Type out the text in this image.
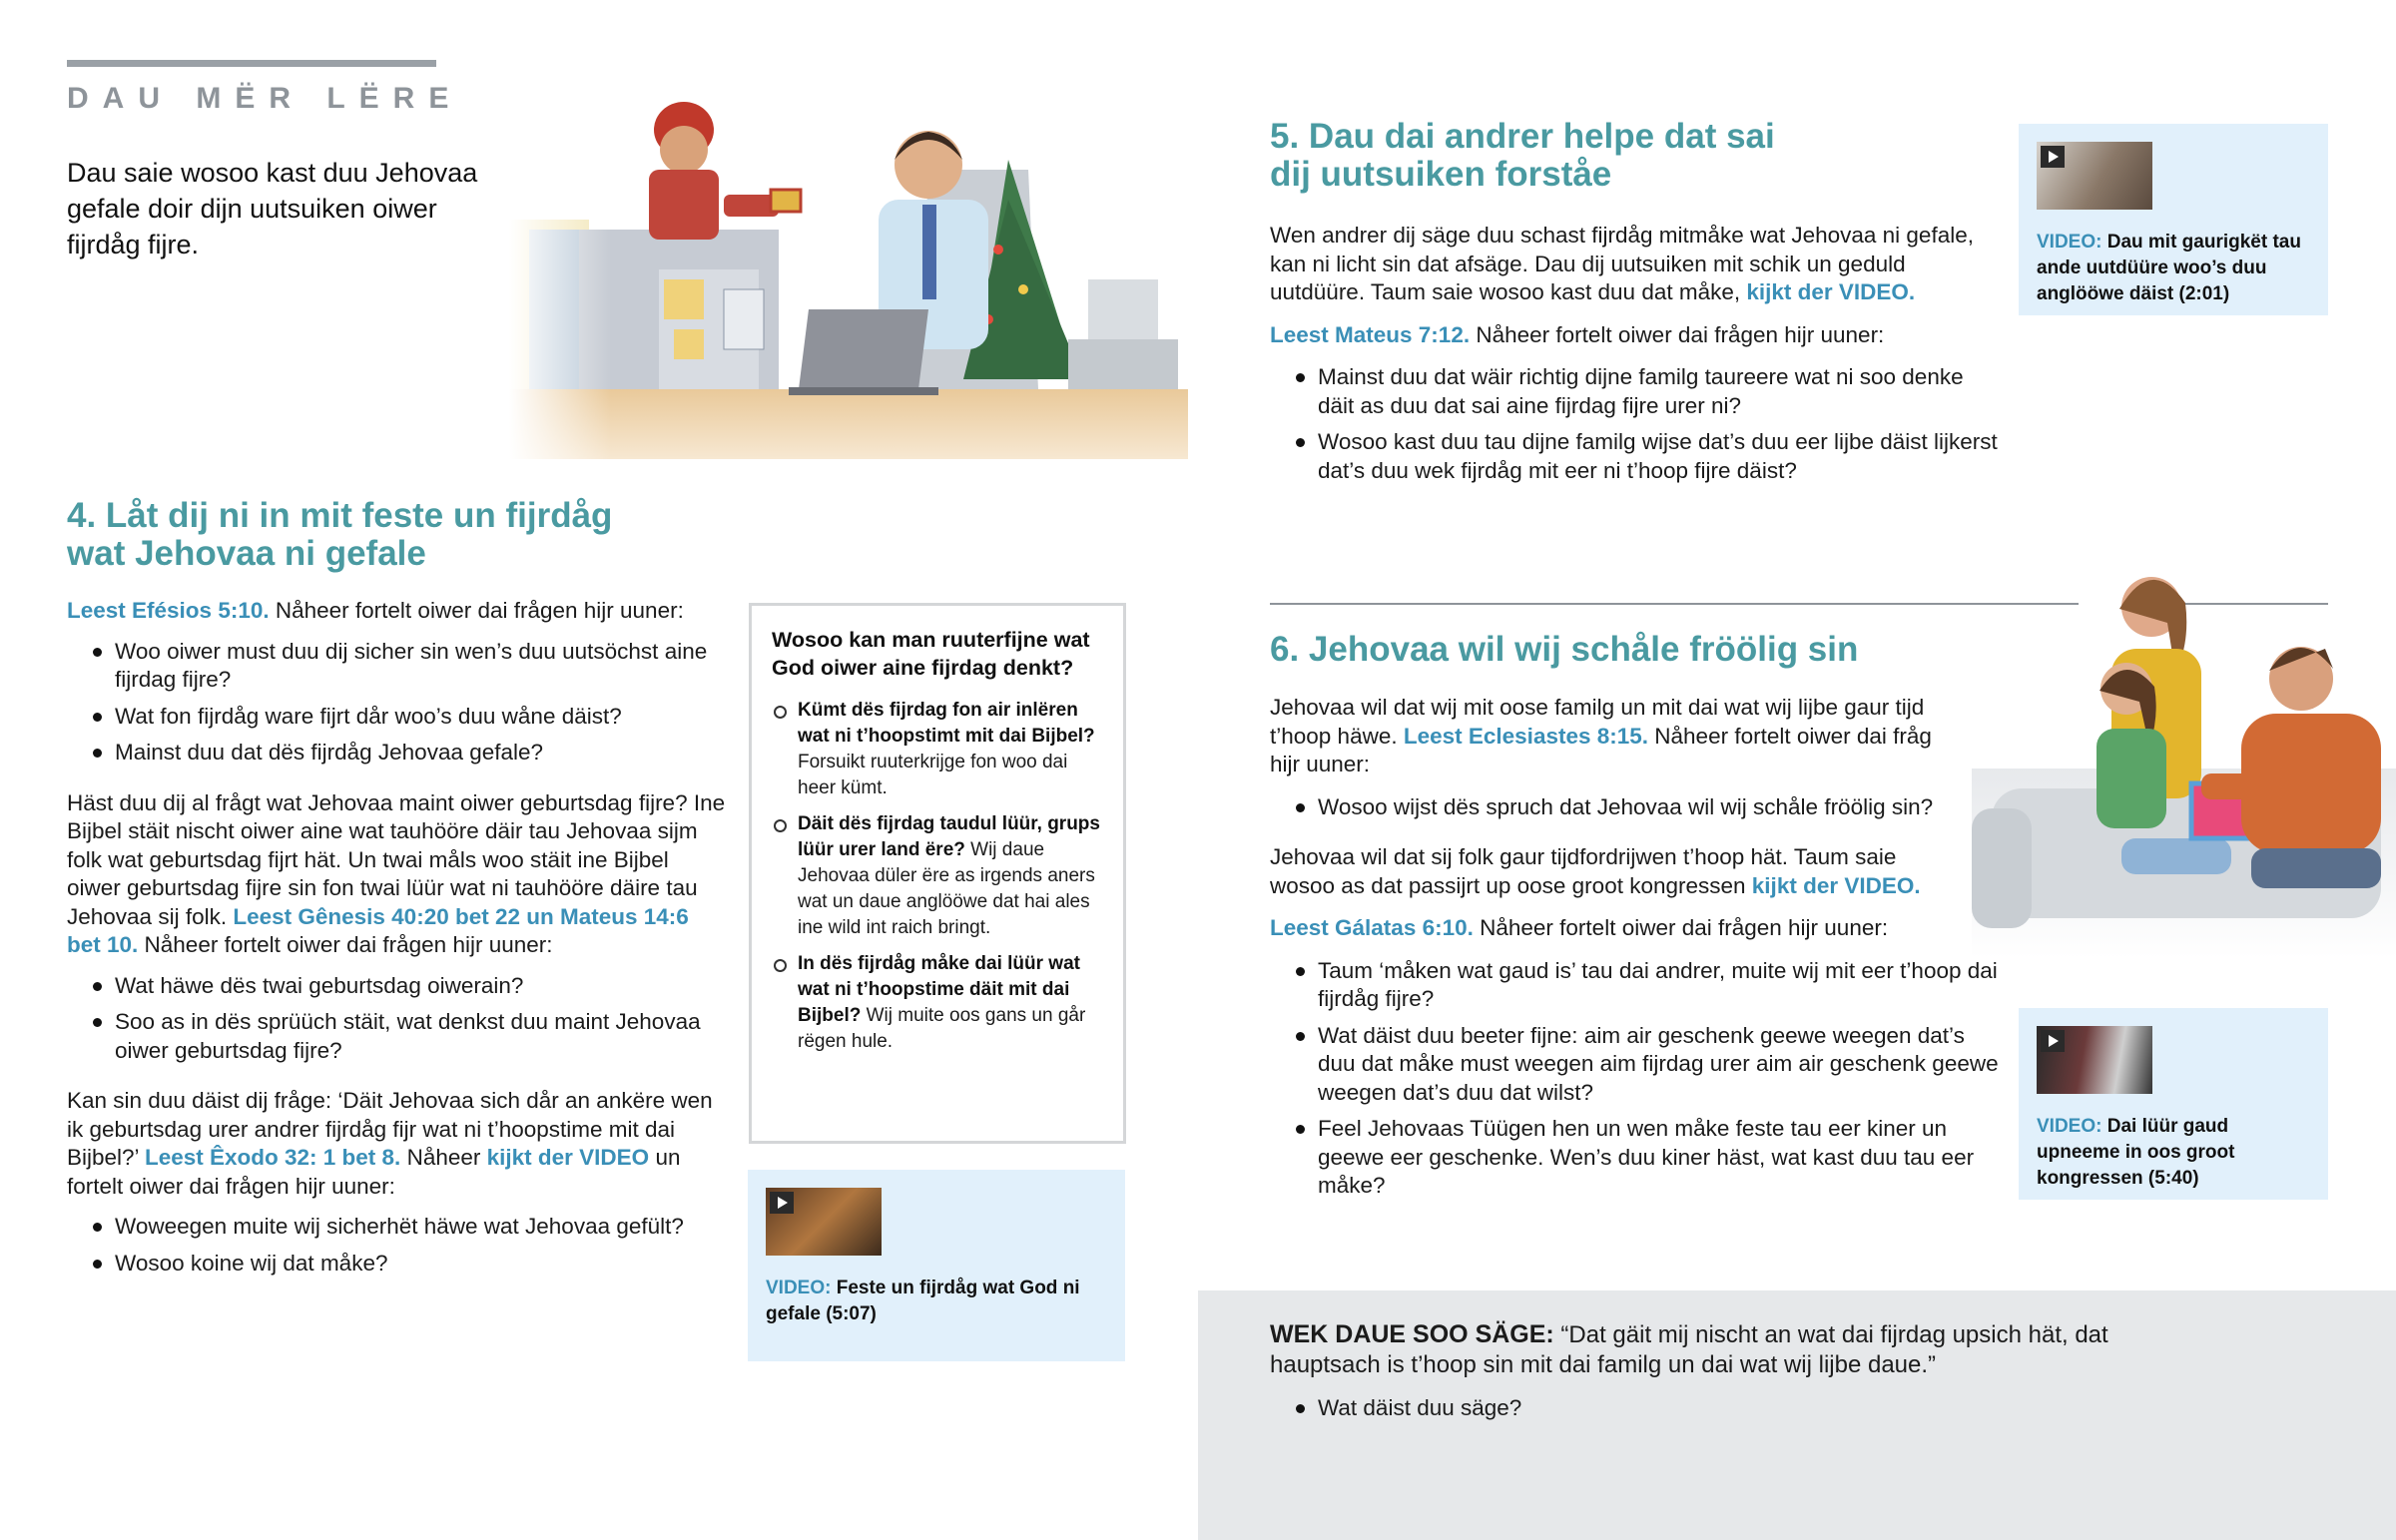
DAU MËR LËRE

Dau saie wosoo kast duu Jehovaa gefale doir dijn uutsuiken oiwer fijrdåg fijre.

4. Låt dij ni in mit feste un fijrdåg
wat Jehovaa ni gefale

Leest Efésios 5:10. Nåheer fortelt oiwer dai frågen hijr uuner:

Woo oiwer must duu dij sicher sin wen’s duu uutsöchst aine fijrdag fijre?
Wat fon fijrdåg ware fijrt dår woo’s duu wåne däist?
Mainst duu dat dës fijrdåg Jehovaa gefale?

Häst duu dij al frågt wat Jehovaa maint oiwer geburtsdag fijre? Ine Bijbel stäit nischt oiwer aine wat tauhööre däir tau Jehovaa sijm folk wat geburtsdag fijrt hät. Un twai måls woo stäit ine Bijbel oiwer geburtsdag fijre sin fon twai lüür wat ni tauhööre däire tau Jehovaa sij folk. Leest Gênesis 40:20 bet 22 un Mateus 14:6 bet 10. Nåheer fortelt oiwer dai frågen hijr uuner:

Wat häwe dës twai geburtsdag oiwerain?
Soo as in dës sprüüch stäit, wat denkst duu maint Jehovaa oiwer geburtsdag fijre?

Kan sin duu däist dij fråge: ‘Däit Jehovaa sich dår an ankëre wen ik geburtsdag urer andrer fijrdåg fijr wat ni t’hoopstime mit dai Bijbel?’ Leest Êxodo 32: 1 bet 8. Nåheer kijkt der VIDEO un fortelt oiwer dai frågen hijr uuner:

Woweegen muite wij sicherhët häwe wat Jehovaa gefült?
Wosoo koine wij dat måke?
Wosoo kan man ruuterfijne wat God oiwer aine fijrdag denkt?
Kümt dës fijrdag fon air inlëren wat ni t’hoopstimt mit dai Bijbel? Forsuikt ruuterkrijge fon woo dai heer kümt.
Däit dës fijrdag taudul lüür, grups lüür urer land ëre? Wij daue Jehovaa düler ëre as irgends aners wat un daue anglööwe dat hai ales ine wild int raich bringt.
In dës fijrdåg måke dai lüür wat wat ni t’hoopstime däit mit dai Bijbel? Wij muite oos gans un går rëgen hule.
VIDEO: Feste un fijrdåg wat God ni gefale (5:07)
5. Dau dai andrer helpe dat sai
dij uutsuiken forståe

Wen andrer dij säge duu schast fijrdåg mitmåke wat Jehovaa ni gefale, kan ni licht sin dat afsäge. Dau dij uutsuiken mit schik un geduld uutdüüre. Taum saie wosoo kast duu dat måke, kijkt der VIDEO.

Leest Mateus 7:12. Nåheer fortelt oiwer dai frågen hijr uuner:

Mainst duu dat wäir richtig dijne familg taureere wat ni soo denke däit as duu dat sai aine fijrdag fijre urer ni?
Wosoo kast duu tau dijne familg wijse dat’s duu eer lijbe däist lijkerst dat’s duu wek fijrdåg mit eer ni t’hoop fijre däist?
VIDEO: Dau mit gaurigkët tau ande uutdüüre woo’s duu anglööwe däist (2:01)
6. Jehovaa wil wij schåle fröölig sin

Jehovaa wil dat wij mit oose familg un mit dai wat wij lijbe gaur tijd t’hoop häwe. Leest Eclesiastes 8:15. Nåheer fortelt oiwer dai fråg hijr uuner:

Wosoo wijst dës spruch dat Jehovaa wil wij schåle fröölig sin?

Jehovaa wil dat sij folk gaur tijdfordrijwen t’hoop hät. Taum saie wosoo as dat passijrt up oose groot kongressen kijkt der VIDEO.

Leest Gálatas 6:10. Nåheer fortelt oiwer dai frågen hijr uuner:

Taum ‘måken wat gaud is’ tau dai andrer, muite wij mit eer t’hoop dai fijrdåg fijre?
Wat däist duu beeter fijne: aim air geschenk geewe weegen dat’s duu dat måke must weegen aim fijrdag urer aim air geschenk geewe weegen dat’s duu dat wilst?
Feel Jehovaas Tüügen hen un wen måke feste tau eer kiner un geewe eer geschenke. Wen’s duu kiner häst, wat kast duu tau eer måke?
VIDEO: Dai lüür gaud upneeme in oos groot kongressen (5:40)

WEK DAUE SOO SÄGE: “Dat gäit mij nischt an wat dai fijrdag upsich hät, dat hauptsach is t’hoop sin mit dai familg un dai wat wij lijbe daue.”

Wat däist duu säge?
